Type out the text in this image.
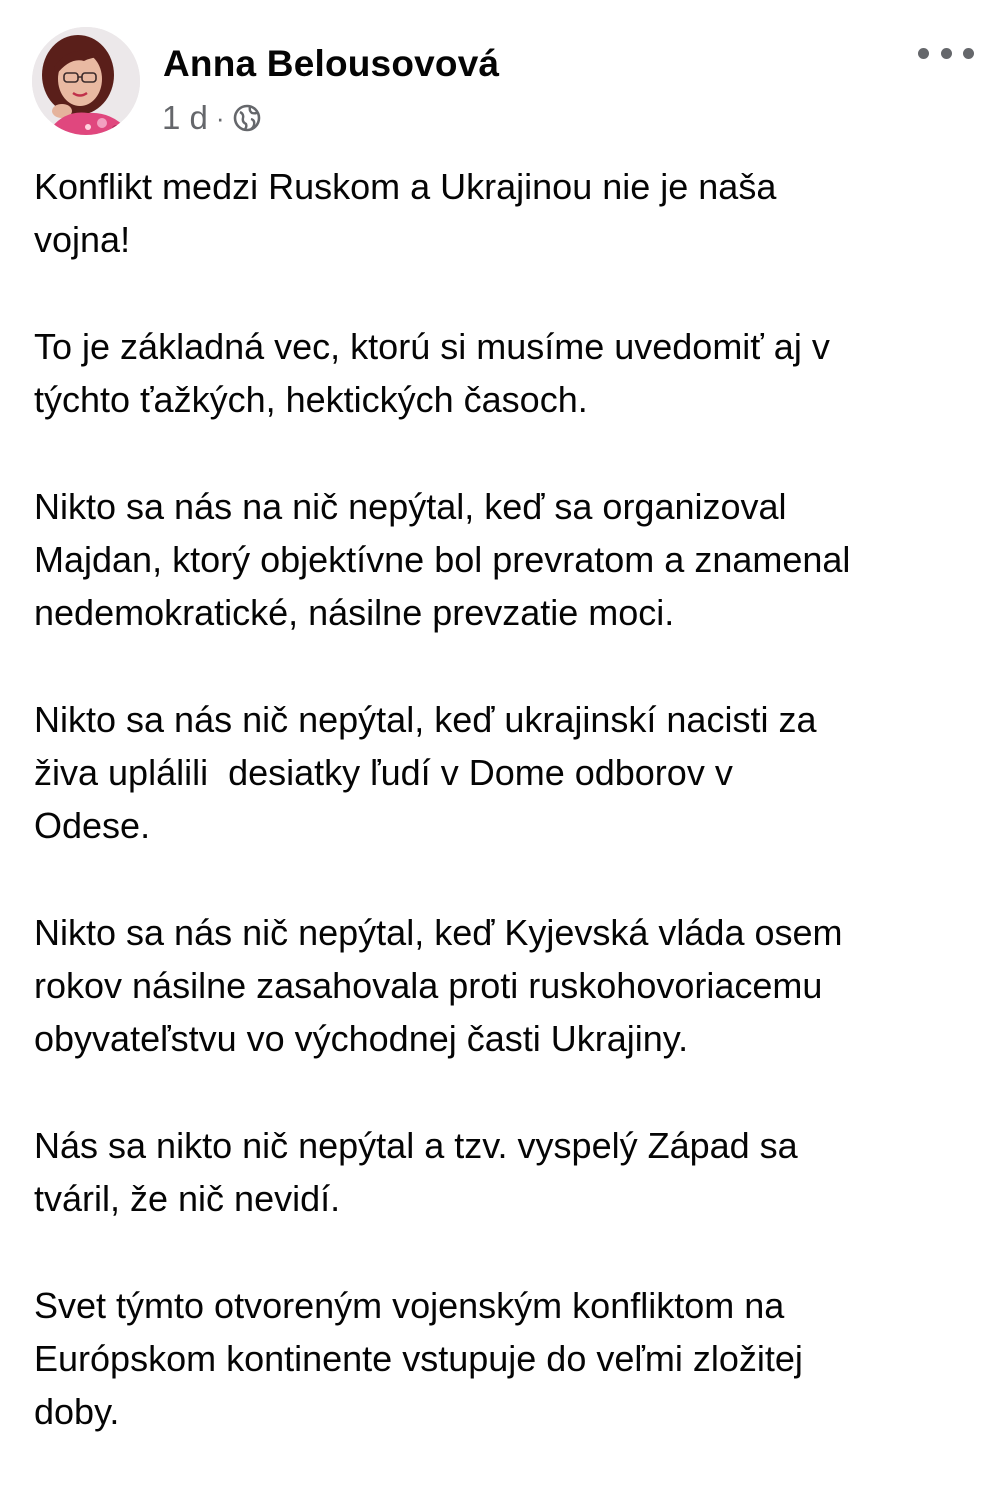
Anna Belousovová
1 d ·

Konflikt medzi Ruskom a Ukrajinou nie je naša
vojna!

To je základná vec, ktorú si musíme uvedomiť aj v
týchto ťažkých, hektických časoch.

Nikto sa nás na nič nepýtal, keď sa organizoval
Majdan, ktorý objektívne bol prevratom a znamenal
nedemokratické, násilne prevzatie moci.

Nikto sa nás nič nepýtal, keď ukrajinskí nacisti za
živa uplálili  desiatky ľudí v Dome odborov v
Odese.

Nikto sa nás nič nepýtal, keď Kyjevská vláda osem
rokov násilne zasahovala proti ruskohovoriacemu
obyvateľstvu vo východnej časti Ukrajiny.

Nás sa nikto nič nepýtal a tzv. vyspelý Západ sa
tváril, že nič nevidí.

Svet týmto otvoreným vojenským konfliktom na
Európskom kontinente vstupuje do veľmi zložitej
doby.
